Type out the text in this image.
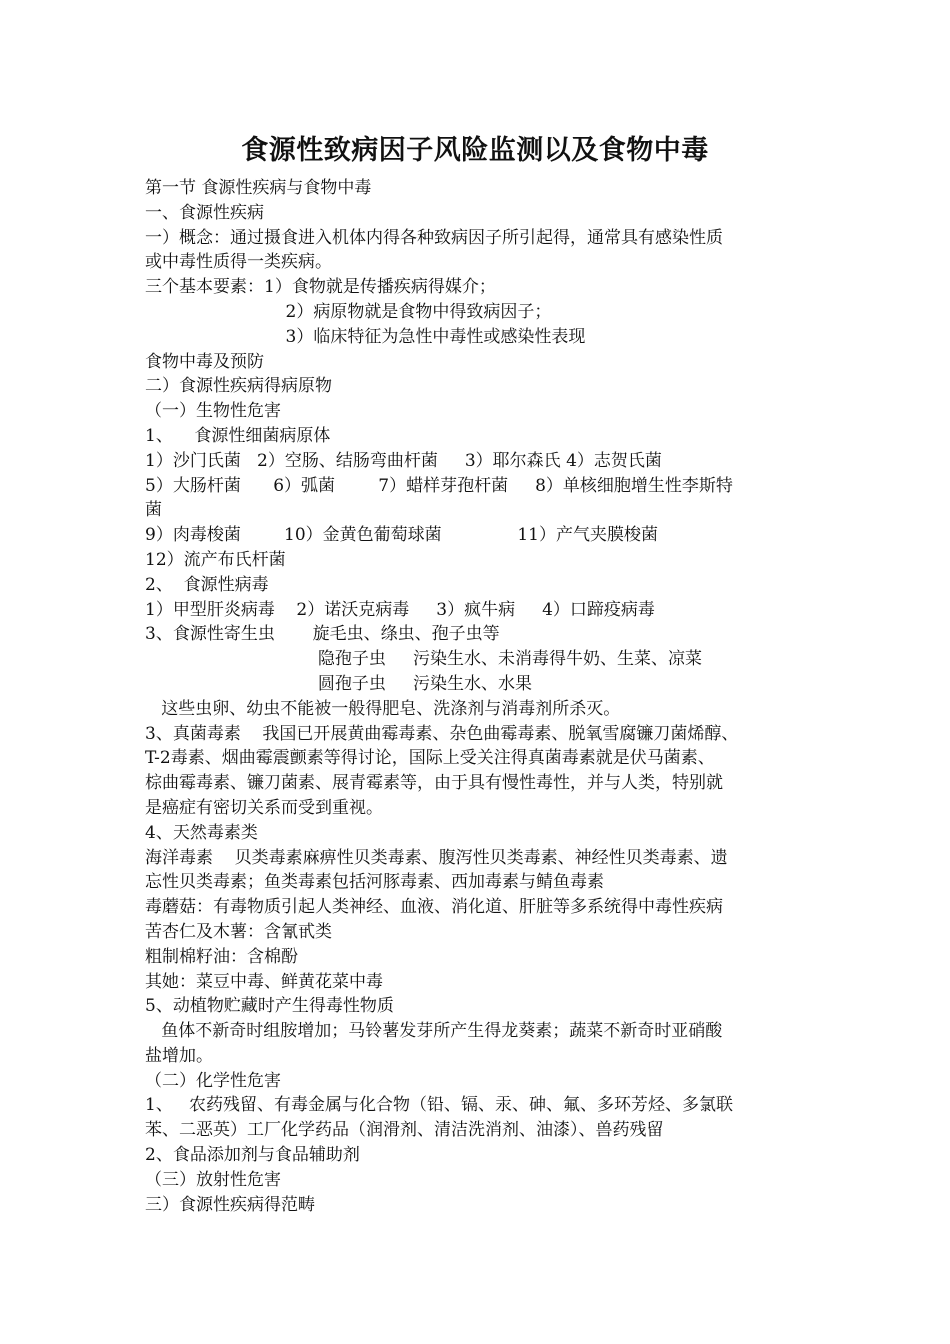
食源性致病因子风险监测以及食物中毒
第一节 食源性疾病与食物中毒
一、食源性疾病
一）概念：通过摄食进入机体内得各种致病因子所引起得，通常具有感染性质
或中毒性质得一类疾病。
三个基本要素：1）食物就是传播疾病得媒介；
2）病原物就是食物中得致病因子；
3）临床特征为急性中毒性或感染性表现
食物中毒及预防
二）食源性疾病得病原物
（一）生物性危害
1、    食源性细菌病原体
1）沙门氏菌   2）空肠、结肠弯曲杆菌     3）耶尔森氏 4）志贺氏菌
5）大肠杆菌      6）弧菌        7）蜡样芽孢杆菌     8）单核细胞增生性李斯特
菌
9）肉毒梭菌        10）金黄色葡萄球菌              11）产气夹膜梭菌
12）流产布氏杆菌
2、  食源性病毒
1）甲型肝炎病毒    2）诺沃克病毒     3）疯牛病     4）口蹄疫病毒
3、食源性寄生虫       旋毛虫、绦虫、孢子虫等
隐孢子虫     污染生水、未消毒得牛奶、生菜、凉菜
圆孢子虫     污染生水、水果
这些虫卵、幼虫不能被一般得肥皂、洗涤剂与消毒剂所杀灭。
3、真菌毒素    我国已开展黄曲霉毒素、杂色曲霉毒素、脱氧雪腐镰刀菌烯醇、
T-2毒素、烟曲霉震颤素等得讨论，国际上受关注得真菌毒素就是伏马菌素、
棕曲霉毒素、镰刀菌素、展青霉素等，由于具有慢性毒性，并与人类，特别就
是癌症有密切关系而受到重视。
4、天然毒素类
海洋毒素    贝类毒素麻痹性贝类毒素、腹泻性贝类毒素、神经性贝类毒素、遗
忘性贝类毒素；鱼类毒素包括河豚毒素、西加毒素与鲭鱼毒素
毒蘑菇：有毒物质引起人类神经、血液、消化道、肝脏等多系统得中毒性疾病
苦杏仁及木薯：含氰甙类
粗制棉籽油：含棉酚
其她：菜豆中毒、鲜黄花菜中毒
5、动植物贮藏时产生得毒性物质
鱼体不新奇时组胺增加；马铃薯发芽所产生得龙葵素；蔬菜不新奇时亚硝酸
盐增加。
（二）化学性危害
1、   农药残留、有毒金属与化合物（铅、镉、汞、砷、氟、多环芳烃、多氯联
苯、二恶英）工厂化学药品（润滑剂、清洁洗消剂、油漆）、兽药残留
2、食品添加剂与食品辅助剂
（三）放射性危害
三）食源性疾病得范畴
